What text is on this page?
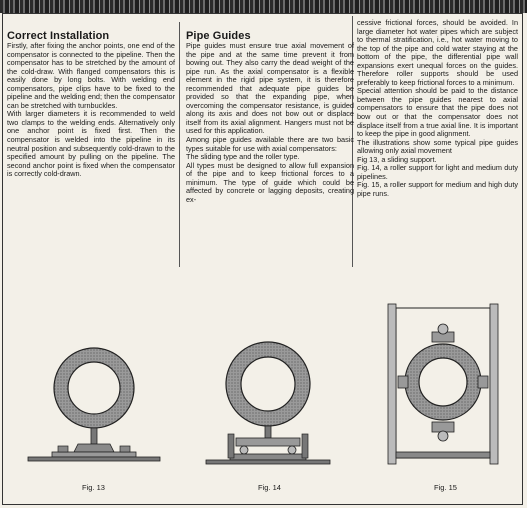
Correct Installation

Firstly, after fixing the anchor points, one end of the compensator is connected to the pipeline. Then the compensator has to be stretched by the amount of the cold-draw. With flanged compensators this is easily done by long bolts. With welding end compensators, pipe clips have to be fixed to the pipeline and the welding end; then the compensator can be stretched with turnbuckles.

With larger diameters it is recommended to weld two clamps to the welding ends. Alternatively only one anchor point is fixed first. Then the compensator is welded into the pipeline in its neutral position and subsequently cold-drawn to the specified amount by pulling on the pipeline. The second anchor point is fixed when the compensator is correctly cold-drawn.

Pipe Guides

Pipe guides must ensure true axial movement of the pipe and at the same time prevent it from bowing out. They also carry the dead weight of the pipe run. As the axial compensator is a flexible element in the rigid pipe system, it is therefore recommended that adequate pipe guides be provided so that the expanding pipe, when overcoming the compensator resistance, is guided along its axis and does not bow out or displace itself from its axial alignment. Hangers must not be used for this application.

Among pipe guides available there are two basic types suitable for use with axial compensators:

The sliding type and the roller type.

All types must be designed to allow full expansion of the pipe and to keep frictional forces to a minimum. The type of guide which could be affected by concrete or lagging deposits, creating ex-

cessive frictional forces, should be avoided. In large diameter hot water pipes which are subject to thermal stratification, i.e., hot water moving to the top of the pipe and cold water staying at the bottom of the pipe, the differential pipe wall expansions exert unequal forces on the guides. Therefore roller supports should be used preferably to keep frictional forces to a minimum.

Special attention should be paid to the distance between the pipe guides nearest to axial compensators to ensure that the pipe does not bow out or that the compensator does not displace itself from a true axial line. It is important to keep the pipe in good alignment.

The illustrations show some typical pipe guides allowing only axial movement

Fig 13, a sliding support.

Fig. 14, a roller support for light and medium duty pipelines.

Fig. 15, a roller support for medium and high duty pipe runs.

Fig. 13	Fig. 14	Fig. 15
